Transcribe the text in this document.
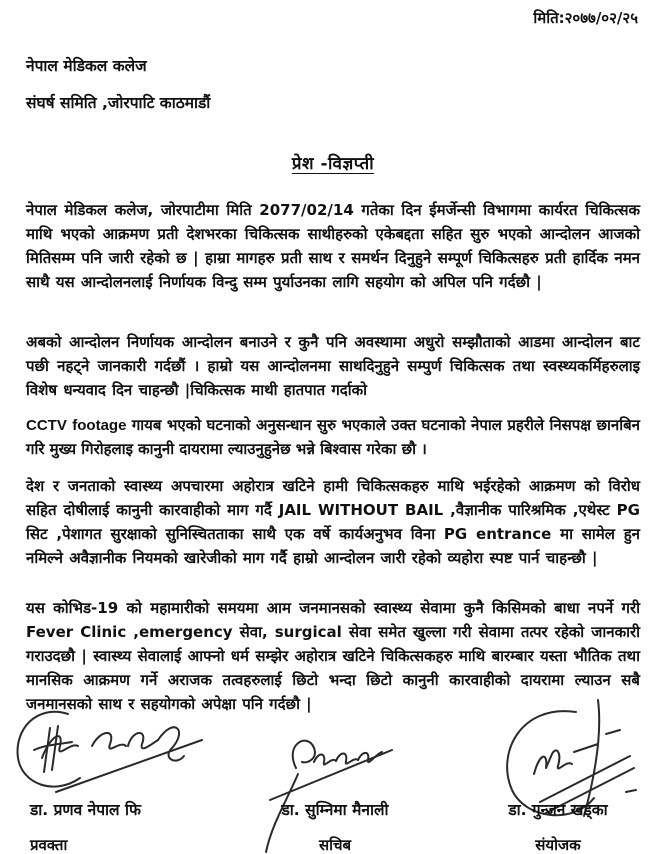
मिति:२०७७/०२/२५
नेपाल मेडिकल कलेज
संघर्ष समिति ,जोरपाटि काठमाडौं
प्रेश -विज्ञप्ती

नेपाल मेडिकल कलेज, जोरपाटीमा मिति 2077/02/14 गतेका दिन ईमर्जेन्सी विभागमा कार्यरत चिकित्सक माथि भएको आक्रमण प्रती देशभरका चिकित्सक साथीहरुको एकेबद्दता सहित सुरु भएको आन्दोलन आजको मितिसम्म पनि जारी रहेको छ | हाम्रा मागहरु प्रती साथ र समर्थन दिनुहुने सम्पूर्ण चिकित्सहरु प्रती हार्दिक नमन साथै यस आन्दोलनलाई निर्णायक विन्दु सम्म पुर्याउनका लागि सहयोग को अपिल पनि गर्दछौ |

अबको आन्दोलन निर्णायक आन्दोलन बनाउने र कुनै पनि अवस्थामा अधुरो सम्झौताको आडमा आन्दोलन बाट पछी नहट्ने जानकारी गर्दछौं । हाम्रो यस आन्दोलनमा साथदिनुहुने सम्पुर्ण चिकित्सक तथा स्वस्थ्यकर्मिहरुलाइ विशेष धन्यवाद दिन चाहन्छौ |चिकित्सक माथी हातपात गर्दाको

CCTV footage गायब भएको घटनाको अनुसन्धान सुरु भएकाले उक्त घटनाको नेपाल प्रहरीले निसपक्ष छानबिन गरि मुख्य गिरोहलाइ कानुनी दायरामा ल्याउनुहुनेछ भन्ने बिश्वास गरेका छौ ।

देश र जनताको स्वास्थ्य अपचारमा अहोरात्र खटिने हामी चिकित्सकहरु माथि भईरहेको आक्रमण को विरोध सहित दोषीलाई कानुनी कारवाहीको माग गर्दै JAIL WITHOUT BAIL ,वैज्ञानीक पारिश्रमिक ,एथेस्ट PG सिट ,पेशागत सुरक्षाको सुनिस्चितताका साथै एक वर्षे कार्यअनुभव विना PG entrance मा सामेल हुन नमिल्ने अवैज्ञानीक नियमको खारेजीको माग गर्दै हाम्रो आन्दोलन जारी रहेको व्यहोरा स्पष्ट पार्न चाहन्छौ |

यस कोभिड-19 को महामारीको समयमा आम जनमानसको स्वास्थ्य सेवामा कुनै किसिमको बाधा नपर्ने गरी Fever Clinic ,emergency सेवा, surgical सेवा समेत खुल्ला गरी सेवामा तत्पर रहेको जानकारी गराउदछौ | स्वास्थ्य सेवालाई आफ्नो धर्म सम्झेर अहोरात्र खटिने चिकित्सकहरु माथि बारम्बार यस्ता भौतिक तथा मानसिक आक्रमण गर्ने अराजक तत्वहरुलाई छिटो भन्दा छिटो कानुनी कारवाहीको दायरामा ल्याउन सबै जनमानसको साथ र सहयोगको अपेक्षा पनि गर्दछौ |

डा. प्रणव नेपाल फि	डा. सुम्निमा मैनाली	डा. गुन्जन खड्का
प्रवक्ता	सचिब	संयोजक
